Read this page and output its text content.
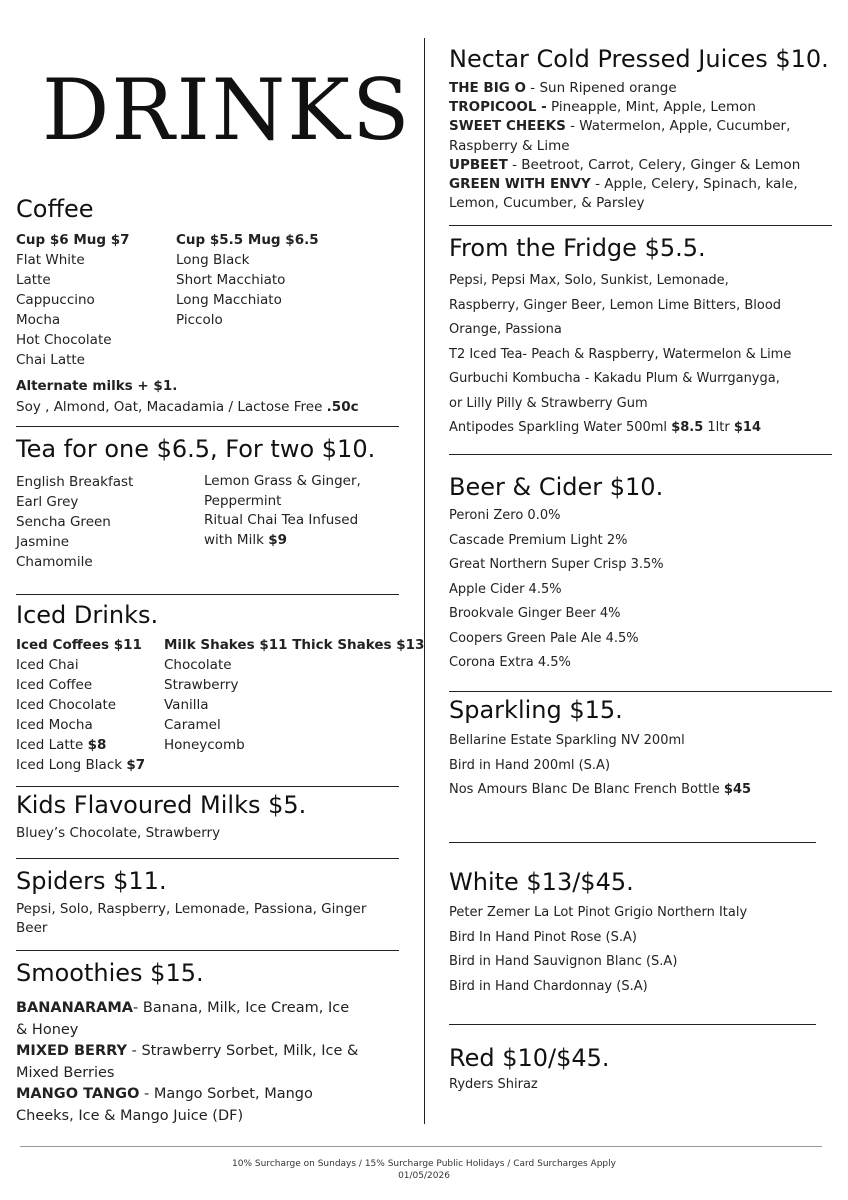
DRINKS
Coffee
Cup $6 Mug $7
Flat White
Latte
Cappuccino
Mocha
Hot Chocolate
Chai Latte
Cup $5.5 Mug $6.5
Long Black
Short Macchiato
Long Macchiato
Piccolo
Alternate milks + $1.
Soy , Almond, Oat, Macadamia / Lactose Free .50c
Tea for one $6.5, For two $10.
English Breakfast
Earl Grey
Sencha Green
Jasmine
Chamomile
Lemon Grass & Ginger,
Peppermint
Ritual Chai Tea Infused
with Milk $9
Iced Drinks.
Iced Coffees $11
Iced Chai
Iced Coffee
Iced Chocolate
Iced Mocha
Iced Latte $8
Iced Long Black $7
Milk Shakes $11 Thick Shakes $13
Chocolate
Strawberry
Vanilla
Caramel
Honeycomb
Kids Flavoured Milks $5.
Bluey’s Chocolate, Strawberry
Spiders $11.
Pepsi, Solo, Raspberry, Lemonade, Passiona, Ginger
Beer
Smoothies $15.
BANANARAMA- Banana, Milk, Ice Cream, Ice
& Honey
MIXED BERRY - Strawberry Sorbet, Milk, Ice &
Mixed Berries
MANGO TANGO - Mango Sorbet, Mango
Cheeks, Ice & Mango Juice (DF)
Nectar Cold Pressed Juices $10.
THE BIG O - Sun Ripened orange
TROPICOOL - Pineapple, Mint, Apple, Lemon
SWEET CHEEKS - Watermelon, Apple, Cucumber,
Raspberry & Lime
UPBEET - Beetroot, Carrot, Celery, Ginger & Lemon
GREEN WITH ENVY - Apple, Celery, Spinach, kale,
Lemon, Cucumber, & Parsley
From the Fridge $5.5.
Pepsi, Pepsi Max, Solo, Sunkist, Lemonade,
Raspberry, Ginger Beer, Lemon Lime Bitters, Blood
Orange, Passiona
T2 Iced Tea- Peach & Raspberry, Watermelon & Lime
Gurbuchi Kombucha - Kakadu Plum & Wurrganyga,
or Lilly Pilly & Strawberry Gum
Antipodes Sparkling Water 500ml $8.5 1ltr $14
Beer & Cider $10.
Peroni Zero 0.0%
Cascade Premium Light 2%
Great Northern Super Crisp 3.5%
Apple Cider 4.5%
Brookvale Ginger Beer 4%
Coopers Green Pale Ale 4.5%
Corona Extra 4.5%
Sparkling $15.
Bellarine Estate Sparkling NV 200ml
Bird in Hand 200ml (S.A)
Nos Amours Blanc De Blanc French Bottle $45
White $13/$45.
Peter Zemer La Lot Pinot Grigio Northern Italy
Bird In Hand Pinot Rose (S.A)
Bird in Hand Sauvignon Blanc (S.A)
Bird in Hand Chardonnay (S.A)
Red $10/$45.
Ryders Shiraz
10% Surcharge on Sundays / 15% Surcharge Public Holidays / Card Surcharges Apply
01/05/2026
